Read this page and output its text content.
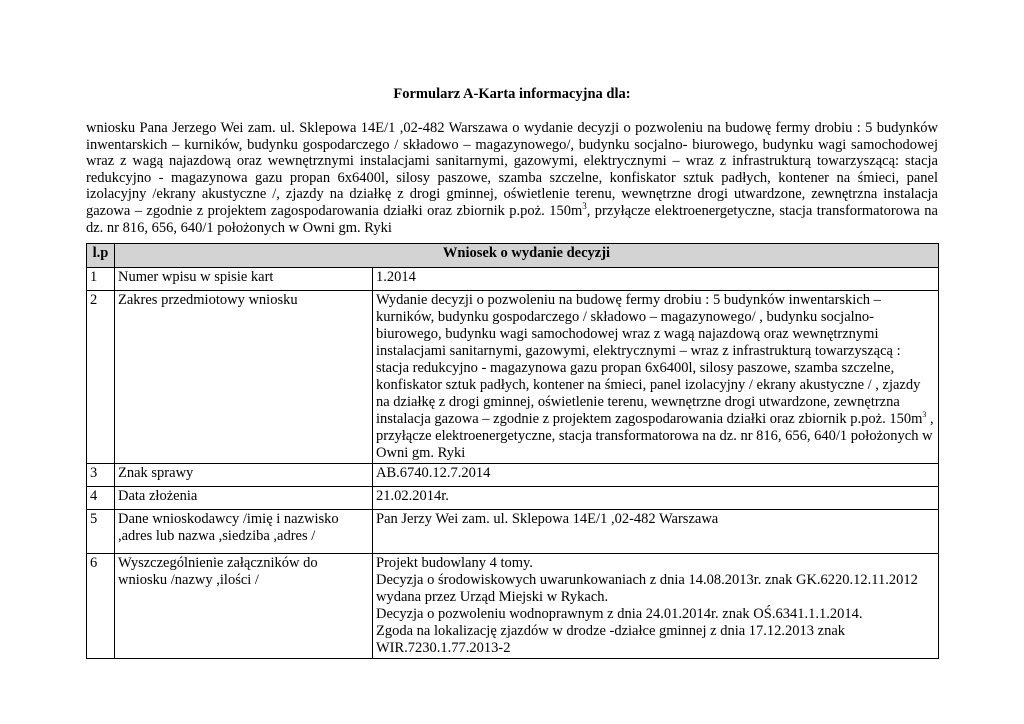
Formularz A-Karta informacyjna dla:
wniosku Pana Jerzego Wei zam. ul. Sklepowa 14E/1 ,02-482 Warszawa o wydanie decyzji o pozwoleniu na budowę fermy drobiu : 5 budynków inwentarskich – kurników, budynku gospodarczego / składowo – magazynowego/, budynku socjalno- biurowego, budynku wagi samochodowej wraz z wagą najazdową oraz wewnętrznymi instalacjami sanitarnymi, gazowymi, elektrycznymi – wraz z infrastrukturą towarzyszącą: stacja redukcyjno - magazynowa gazu propan 6x6400l, silosy paszowe, szamba szczelne, konfiskator sztuk padłych, kontener na śmieci, panel izolacyjny /ekrany akustyczne /, zjazdy na działkę z drogi gminnej, oświetlenie terenu, wewnętrzne drogi utwardzone, zewnętrzna instalacja gazowa – zgodnie z projektem zagospodarowania działki oraz zbiornik p.poż. $150m^3$, przyłącze elektroenergetyczne, stacja transformatorowa na dz. nr 816, 656, 640/1 położonych w Owni gm. Ryki
l.p	Wniosek o wydanie decyzji	
1	Numer wpisu w spisie kart	1.2014
2	Zakres przedmiotowy wniosku	Wydanie decyzji o pozwoleniu na budowę fermy drobiu : 5 budynków inwentarskich – kurników, budynku gospodarczego / składowo – magazynowego/ , budynku socjalno- biurowego, budynku wagi samochodowej wraz z wagą najazdową oraz wewnętrznymi instalacjami sanitarnymi, gazowymi, elektrycznymi – wraz z infrastrukturą towarzyszącą : stacja redukcyjno - magazynowa gazu propan 6x6400l, silosy paszowe, szamba szczelne, konfiskator sztuk padłych, kontener na śmieci, panel izolacyjny / ekrany akustyczne / , zjazdy na działkę z drogi gminnej, oświetlenie terenu, wewnętrzne drogi utwardzone, zewnętrzna instalacja gazowa – zgodnie z projektem zagospodarowania działki oraz zbiornik p.poż. $150m^3$ , przyłącze elektroenergetyczne, stacja transformatorowa na dz. nr 816, 656, 640/1 położonych w Owni gm. Ryki
3	Znak sprawy	AB.6740.12.7.2014
4	Data złożenia	21.02.2014r.
5	Dane wnioskodawcy /imię i nazwisko ,adres lub nazwa ,siedziba ,adres /	Pan Jerzy Wei zam. ul. Sklepowa 14E/1 ,02-482 Warszawa
6	Wyszczególnienie załączników do wniosku /nazwy ,ilości /	Projekt budowlany 4 tomy.
Decyzja o środowiskowych uwarunkowaniach z dnia 14.08.2013r. znak GK.6220.12.11.2012 wydana przez Urząd Miejski w Rykach.
Decyzja o pozwoleniu wodnoprawnym z dnia 24.01.2014r. znak OŚ.6341.1.1.2014.
Zgoda na lokalizację zjazdów w drodze -działce gminnej z dnia 17.12.2013 znak WIR.7230.1.77.2013-2
